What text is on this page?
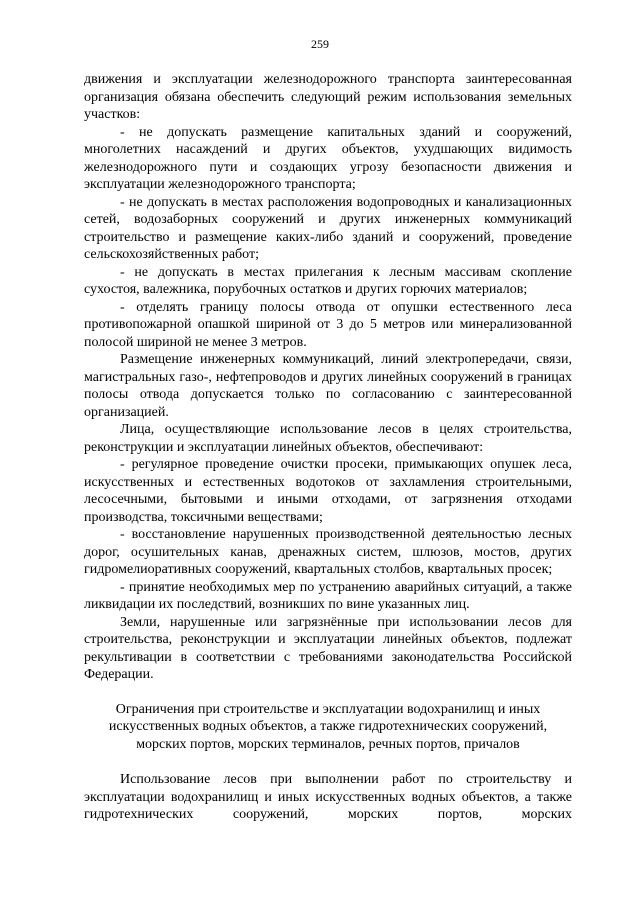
259

движения и эксплуатации железнодорожного транспорта заинтересованная организация обязана обеспечить следующий режим использования земельных участков:

- не допускать размещение капитальных зданий и сооружений, многолетних насаждений и других объектов, ухудшающих видимость железнодорожного пути и создающих угрозу безопасности движения и эксплуатации железнодорожного транспорта;

- не допускать в местах расположения водопроводных и канализационных сетей, водозаборных сооружений и других инженерных коммуникаций строительство и размещение каких-либо зданий и сооружений, проведение сельскохозяйственных работ;

- не допускать в местах прилегания к лесным массивам скопление сухостоя, валежника, порубочных остатков и других горючих материалов;

- отделять границу полосы отвода от опушки естественного леса противопожарной опашкой шириной от 3 до 5 метров или минерализованной полосой шириной не менее 3 метров.

Размещение инженерных коммуникаций, линий электропередачи, связи, магистральных газо-, нефтепроводов и других линейных сооружений в границах полосы отвода допускается только по согласованию с заинтересованной организацией.

Лица, осуществляющие использование лесов в целях строительства, реконструкции и эксплуатации линейных объектов, обеспечивают:

- регулярное проведение очистки просеки, примыкающих опушек леса, искусственных и естественных водотоков от захламления строительными, лесосечными, бытовыми и иными отходами, от загрязнения отходами производства, токсичными веществами;

- восстановление нарушенных производственной деятельностью лесных дорог, осушительных канав, дренажных систем, шлюзов, мостов, других гидромелиоративных сооружений, квартальных столбов, квартальных просек;

- принятие необходимых мер по устранению аварийных ситуаций, а также ликвидации их последствий, возникших по вине указанных лиц.

Земли, нарушенные или загрязнённые при использовании лесов для строительства, реконструкции и эксплуатации линейных объектов, подлежат рекультивации в соответствии с требованиями законодательства Российской Федерации.

Ограничения при строительстве и эксплуатации водохранилищ и иных
искусственных водных объектов, а также гидротехнических сооружений,
морских портов, морских терминалов, речных портов, причалов

Использование лесов при выполнении работ по строительству и эксплуатации водохранилищ и иных искусственных водных объектов, а также гидротехнических сооружений, морских портов, морских
